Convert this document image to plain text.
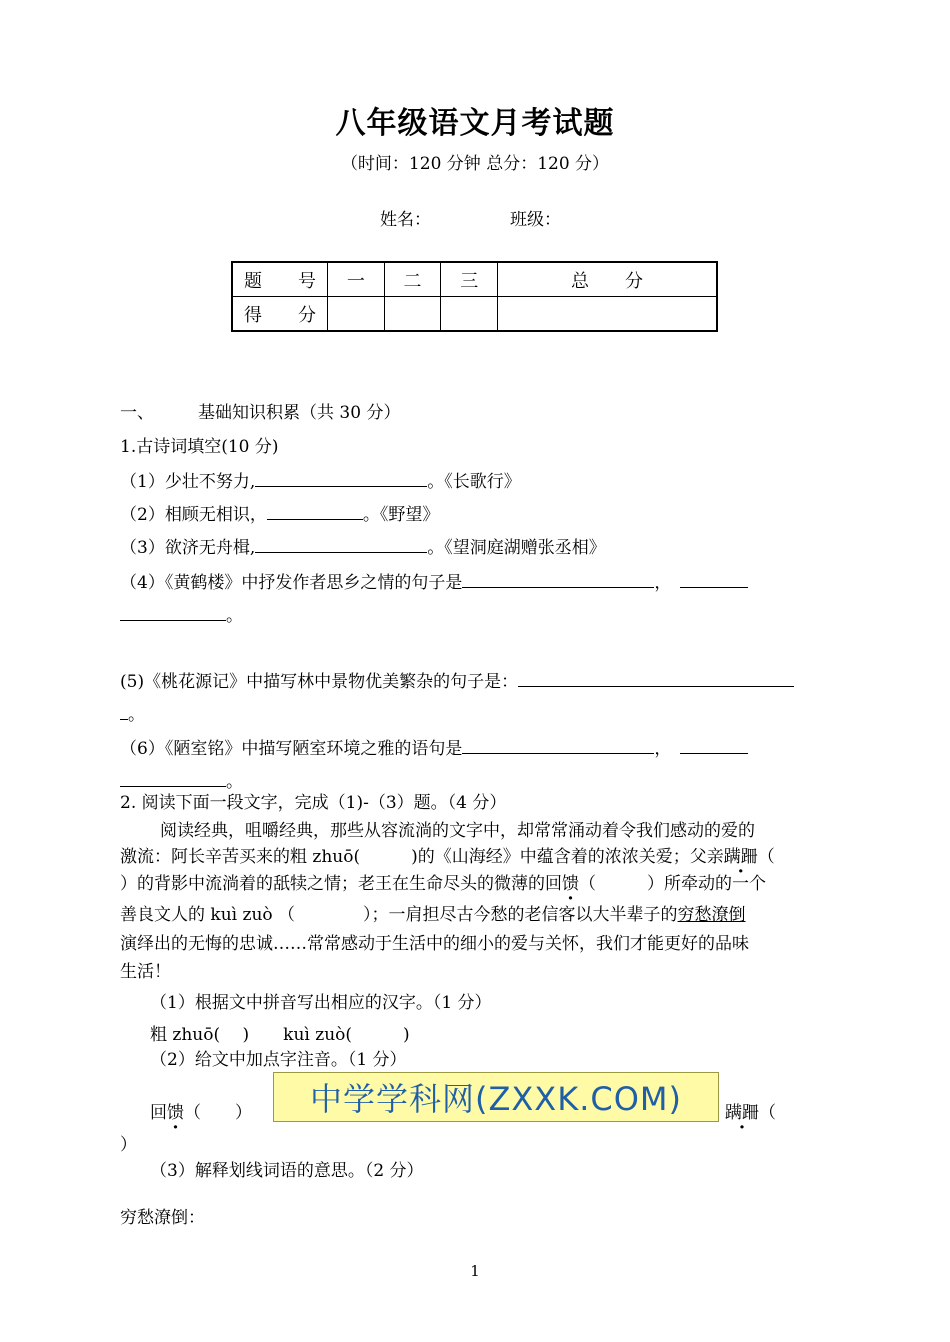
八年级语文月考试题
（时间：120 分钟 总分：120 分）
姓名：	班级：
题　　号	一	二	三	总　　分
得　　分				
一、	基础知识积累（共 30 分）
1.古诗词填空(10 分)
（1）少壮不努力,	。《长歌行》
（2）相顾无相识，	。《野望》
（3）欲济无舟楫,	。《望洞庭湖赠张丞相》
（4）《黄鹤楼》中抒发作者思乡之情的句子是	，　
。
(5)《桃花源记》中描写林中景物优美繁杂的句子是：
。
（6）《陋室铭》中描写陋室环境之雅的语句是	，　
。
2. 阅读下面一段文字，完成（1)-（3）题。（4 分）
阅读经典，咀嚼经典，那些从容流淌的文字中，却常常涌动着令我们感动的爱的
激流：阿长辛苦买来的粗 zhuō(　　　)的《山海经》中蕴含着的浓浓关爱；父亲蹒跚（
）的背影中流淌着的舐犊之情；老王在生命尽头的微薄的回馈（　　　）所牵动的一个
善良文人的 kuì zuò （　　　　）；一肩担尽古今愁的老信客以大半辈子的穷愁潦倒
演绎出的无悔的忠诚……常常感动于生活中的细小的爱与关怀，我们才能更好的品味
生活！
（1）根据文中拼音写出相应的汉字。（1 分）
粗 zhuō(　 )　　kuì zuò(　　　)
（2）给文中加点字注音。（1 分）
回馈（　　）	中学学科网(ZXXK.COM)	蹒跚（
）
（3）解释划线词语的意思。（2 分）
穷愁潦倒：
1
